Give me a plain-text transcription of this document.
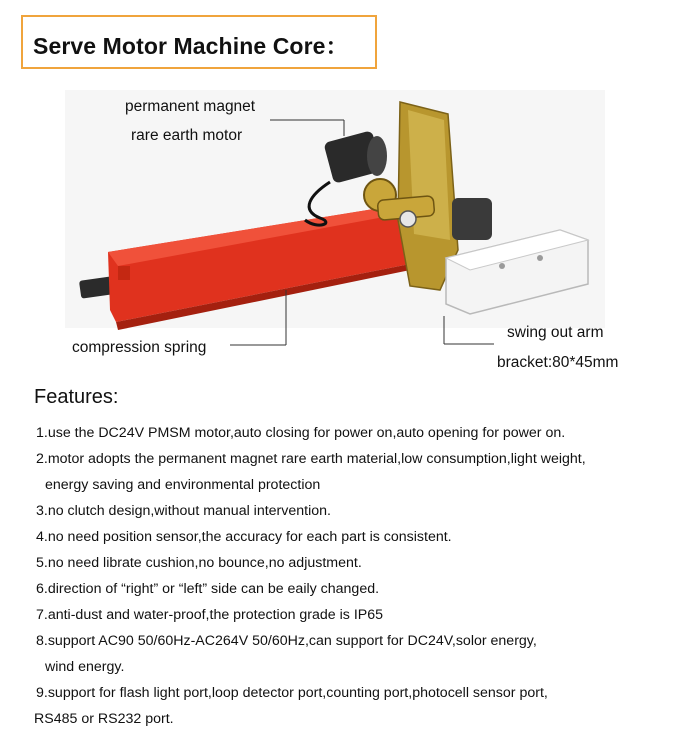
Serve Motor Machine Core：
permanent magnet
rare earth motor
compression spring
swing out arm
bracket:80*45mm
Features:
1.use the DC24V PMSM motor,auto closing for power on,auto opening for power on.
2.motor adopts the permanent magnet rare earth material,low consumption,light weight,
energy saving and environmental protection
3.no clutch design,without manual intervention.
4.no need position sensor,the accuracy for each part is consistent.
5.no need librate cushion,no bounce,no adjustment.
6.direction of “right” or “left” side can be eaily changed.
7.anti-dust and water-proof,the protection grade is IP65
8.support AC90 50/60Hz-AC264V 50/60Hz,can support for DC24V,solor energy,
wind energy.
9.support for flash light port,loop detector port,counting port,photocell sensor port,
RS485 or RS232 port.
